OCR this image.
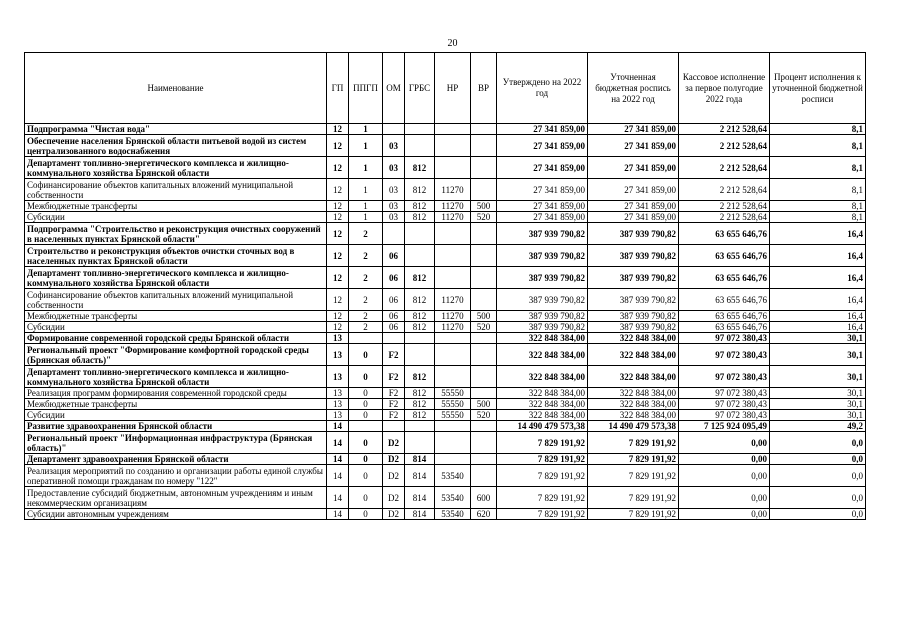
20
Наименование	ГП	ППГП	ОМ	ГРБС	НР	ВР	Утверждено на 2022 год	Уточненная бюджетная роспись на 2022 год	Кассовое исполнение за первое полугодие 2022 года	Процент исполнения к уточненной бюджетной росписи
Подпрограмма "Чистая вода"	12	1					27 341 859,00	27 341 859,00	2 212 528,64	8,1
Обеспечение населения Брянской области питьевой водой из систем централизованного водоснабжения	12	1	03				27 341 859,00	27 341 859,00	2 212 528,64	8,1
Департамент топливно-энергетического комплекса и жилищно-коммунального хозяйства Брянской области	12	1	03	812			27 341 859,00	27 341 859,00	2 212 528,64	8,1
Софинансирование объектов капитальных вложений муниципальной собственности	12	1	03	812	11270		27 341 859,00	27 341 859,00	2 212 528,64	8,1
Межбюджетные трансферты	12	1	03	812	11270	500	27 341 859,00	27 341 859,00	2 212 528,64	8,1
Субсидии	12	1	03	812	11270	520	27 341 859,00	27 341 859,00	2 212 528,64	8,1
Подпрограмма "Строительство и реконструкция очистных сооружений в населенных пунктах Брянской области"	12	2					387 939 790,82	387 939 790,82	63 655 646,76	16,4
Строительство и реконструкция объектов очистки сточных вод в населенных пунктах Брянской области	12	2	06				387 939 790,82	387 939 790,82	63 655 646,76	16,4
Департамент топливно-энергетического комплекса и жилищно-коммунального хозяйства Брянской области	12	2	06	812			387 939 790,82	387 939 790,82	63 655 646,76	16,4
Софинансирование объектов капитальных вложений муниципальной собственности	12	2	06	812	11270		387 939 790,82	387 939 790,82	63 655 646,76	16,4
Межбюджетные трансферты	12	2	06	812	11270	500	387 939 790,82	387 939 790,82	63 655 646,76	16,4
Субсидии	12	2	06	812	11270	520	387 939 790,82	387 939 790,82	63 655 646,76	16,4
Формирование современной городской среды Брянской области	13						322 848 384,00	322 848 384,00	97 072 380,43	30,1
Региональный проект "Формирование комфортной городской среды (Брянская область)"	13	0	F2				322 848 384,00	322 848 384,00	97 072 380,43	30,1
Департамент топливно-энергетического комплекса и жилищно-коммунального хозяйства Брянской области	13	0	F2	812			322 848 384,00	322 848 384,00	97 072 380,43	30,1
Реализация программ формирования современной городской среды	13	0	F2	812	55550		322 848 384,00	322 848 384,00	97 072 380,43	30,1
Межбюджетные трансферты	13	0	F2	812	55550	500	322 848 384,00	322 848 384,00	97 072 380,43	30,1
Субсидии	13	0	F2	812	55550	520	322 848 384,00	322 848 384,00	97 072 380,43	30,1
Развитие здравоохранения Брянской области	14						14 490 479 573,38	14 490 479 573,38	7 125 924 095,49	49,2
Региональный проект "Информационная инфраструктура (Брянская область)"	14	0	D2				7 829 191,92	7 829 191,92	0,00	0,0
Департамент здравоохранения Брянской области	14	0	D2	814			7 829 191,92	7 829 191,92	0,00	0,0
Реализация мероприятий по созданию и организации работы единой службы оперативной помощи гражданам по номеру "122"	14	0	D2	814	53540		7 829 191,92	7 829 191,92	0,00	0,0
Предоставление субсидий бюджетным, автономным учреждениям и иным некоммерческим организациям	14	0	D2	814	53540	600	7 829 191,92	7 829 191,92	0,00	0,0
Субсидии автономным учреждениям	14	0	D2	814	53540	620	7 829 191,92	7 829 191,92	0,00	0,0
